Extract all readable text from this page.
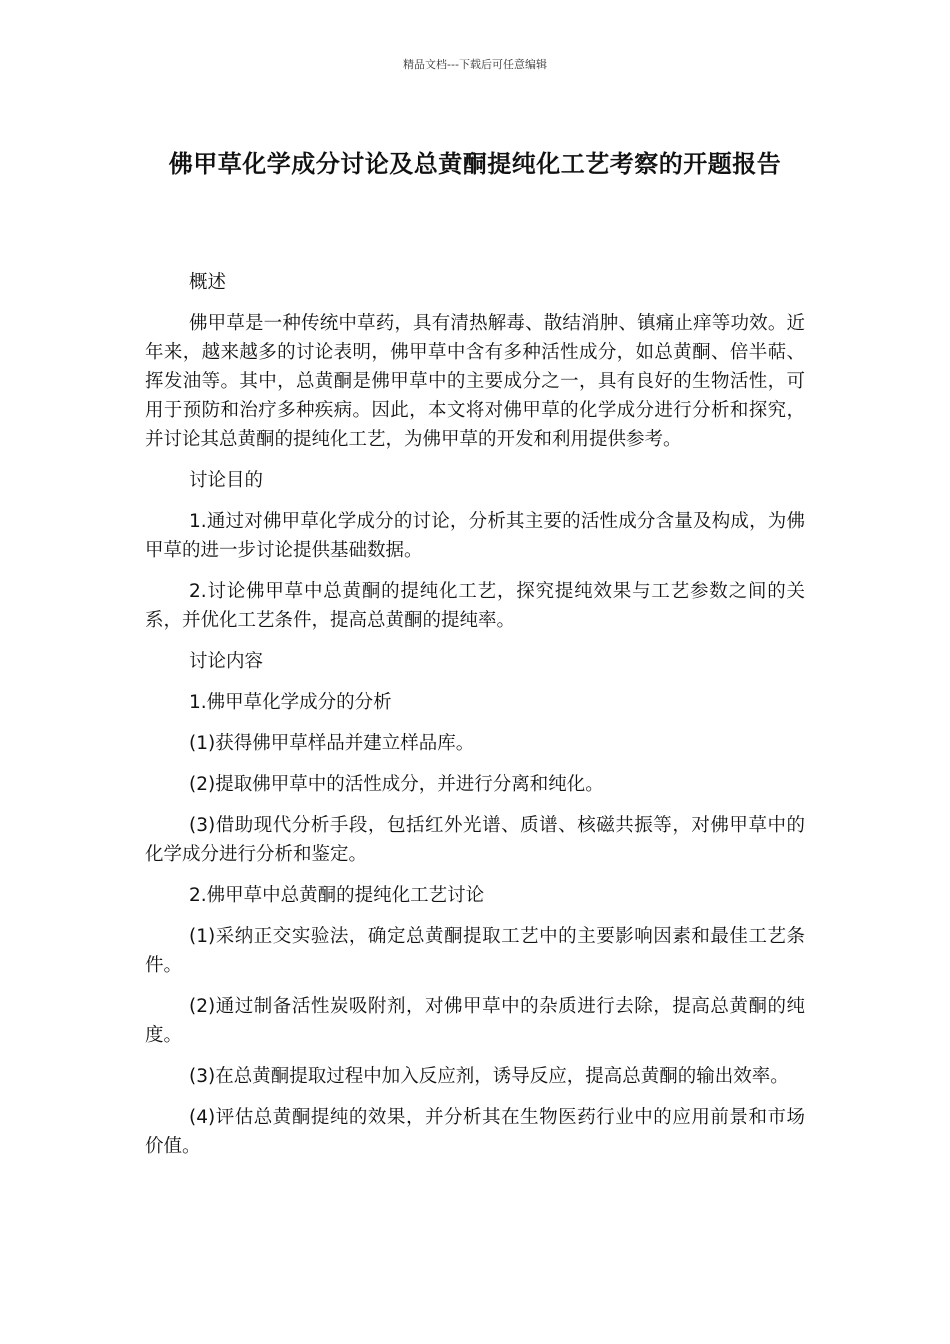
精品文档---下载后可任意编辑
佛甲草化学成分讨论及总黄酮提纯化工艺考察的开题报告

概述

佛甲草是一种传统中草药，具有清热解毒、散结消肿、镇痛止痒等功效。近年来，越来越多的讨论表明，佛甲草中含有多种活性成分，如总黄酮、倍半萜、挥发油等。其中，总黄酮是佛甲草中的主要成分之一，具有良好的生物活性，可用于预防和治疗多种疾病。因此，本文将对佛甲草的化学成分进行分析和探究，并讨论其总黄酮的提纯化工艺，为佛甲草的开发和利用提供参考。

讨论目的

1.通过对佛甲草化学成分的讨论，分析其主要的活性成分含量及构成，为佛甲草的进一步讨论提供基础数据。

2.讨论佛甲草中总黄酮的提纯化工艺，探究提纯效果与工艺参数之间的关系，并优化工艺条件，提高总黄酮的提纯率。

讨论内容

1.佛甲草化学成分的分析

(1)获得佛甲草样品并建立样品库。

(2)提取佛甲草中的活性成分，并进行分离和纯化。

(3)借助现代分析手段，包括红外光谱、质谱、核磁共振等，对佛甲草中的化学成分进行分析和鉴定。

2.佛甲草中总黄酮的提纯化工艺讨论

(1)采纳正交实验法，确定总黄酮提取工艺中的主要影响因素和最佳工艺条件。

(2)通过制备活性炭吸附剂，对佛甲草中的杂质进行去除，提高总黄酮的纯度。

(3)在总黄酮提取过程中加入反应剂，诱导反应，提高总黄酮的输出效率。

(4)评估总黄酮提纯的效果，并分析其在生物医药行业中的应用前景和市场价值。
